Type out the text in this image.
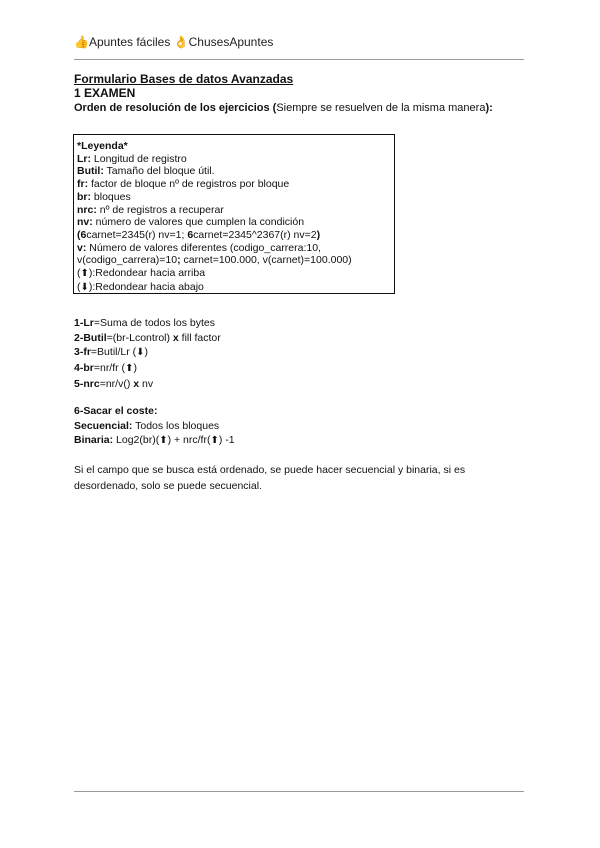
👍Apuntes fáciles 👌ChusesApuntes
Formulario Bases de datos Avanzadas
1 EXAMEN
Orden de resolución de los ejercicios (Siempre se resuelven de la misma manera):
*Leyenda*
Lr: Longitud de registro
Butil: Tamaño del bloque útil.
fr: factor de bloque nº de registros por bloque
br: bloques
nrc: nº de registros a recuperar
nv: número de valores que cumplen la condición
(6carnet=2345(r) nv=1; 6carnet=2345^2367(r) nv=2)
v: Número de valores diferentes (codigo_carrera:10,
v(codigo_carrera)=10; carnet=100.000, v(carnet)=100.000)
(⬆):Redondear hacia arriba
(⬇):Redondear hacia abajo
1-Lr=Suma de todos los bytes
2-Butil=(br-Lcontrol) x fill factor
3-fr=Butil/Lr (⬇)
4-br=nr/fr (⬆)
5-nrc=nr/v() x nv
6-Sacar el coste:
Secuencial: Todos los bloques
Binaria: Log2(br)(⬆) + nrc/fr(⬆) -1
Si el campo que se busca está ordenado, se puede hacer secuencial y binaria, si es desordenado, solo se puede secuencial.
